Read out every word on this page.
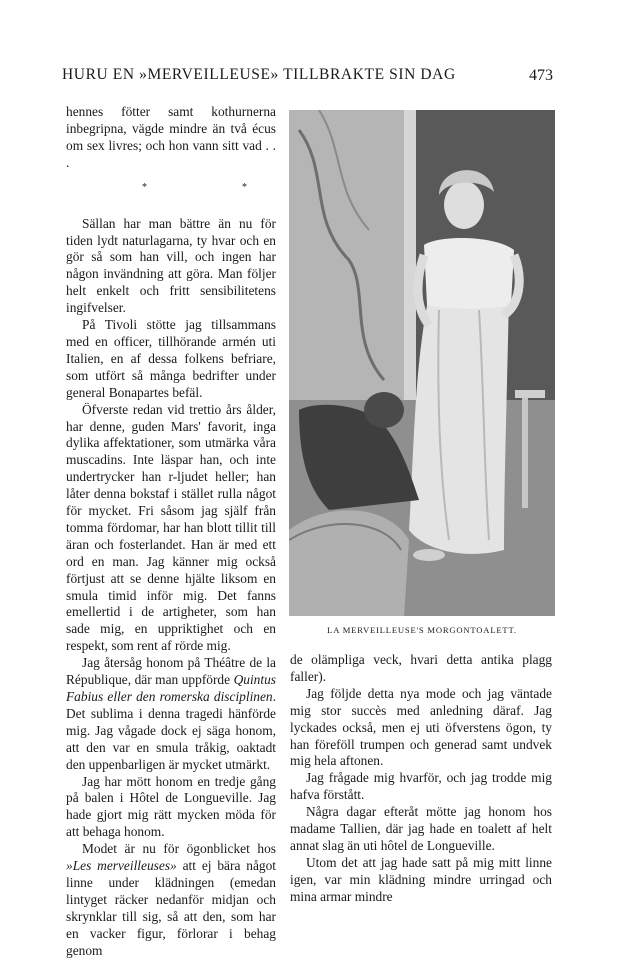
HURU EN »MERVEILLEUSE» TILLBRAKTE SIN DAG	473

hennes fötter samt kothurnerna inbegripna, vägde mindre än två écus om sex livres; och hon vann sitt vad . . .

*	*

Sällan har man bättre än nu för tiden lydt naturlagarna, ty hvar och en gör så som han vill, och ingen har någon invändning att göra. Man följer helt enkelt och fritt sensibilitetens ingifvelser.

På Tivoli stötte jag tillsammans med en officer, tillhörande armén uti Italien, en af dessa folkens befriare, som utfört så många bedrifter under general Bonapartes befäl.

Öfverste redan vid trettio års ålder, har denne, guden Mars' favorit, inga dylika affektationer, som utmärka våra muscadins. Inte läspar han, och inte undertrycker han r-ljudet heller; han låter denna bokstaf i stället rulla något för mycket. Fri såsom jag själf från tomma fördomar, har han blott tillit till äran och fosterlandet. Han är med ett ord en man. Jag känner mig också förtjust att se denne hjälte liksom en smula timid inför mig. Det fanns emellertid i de artigheter, som han sade mig, en uppriktighet och en respekt, som rent af rörde mig.

Jag återsåg honom på Théâtre de la République, där man uppförde Quintus Fabius eller den romerska disciplinen. Det sublima i denna tragedi hänförde mig. Jag vågade dock ej säga honom, att den var en smula tråkig, oaktadt den uppenbarligen är mycket utmärkt.

Jag har mött honom en tredje gång på balen i Hôtel de Longueville. Jag hade gjort mig rätt mycken möda för att behaga honom.

Modet är nu för ögonblicket hos »Les merveilleuses» att ej bära något linne under klädningen (emedan lintyget räcker nedanför midjan och skrynklar till sig, så att den, som har en vacker figur, förlorar i behag genom

LA MERVEILLEUSE'S MORGONTOALETT.

de olämpliga veck, hvari detta antika plagg faller).

Jag följde detta nya mode och jag väntade mig stor succès med anledning däraf. Jag lyckades också, men ej uti öfverstens ögon, ty han föreföll trumpen och generad samt undvek mig hela aftonen.

Jag frågade mig hvarför, och jag trodde mig hafva förstått.

Några dagar efteråt mötte jag honom hos madame Tallien, där jag hade en toalett af helt annat slag än uti hôtel de Longueville.

Utom det att jag hade satt på mig mitt linne igen, var min klädning mindre urringad och mina armar mindre
